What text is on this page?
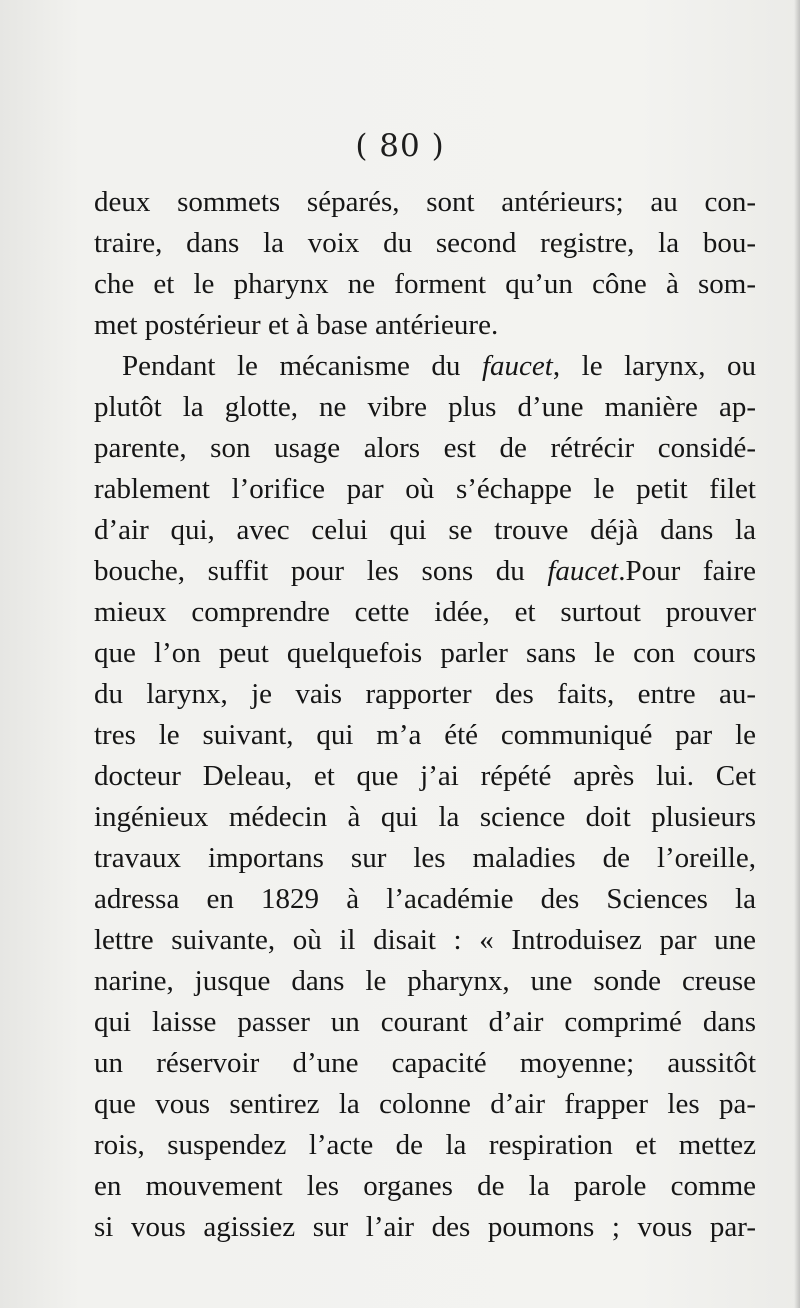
( 80 )
deux sommets séparés, sont antérieurs; au con-
traire, dans la voix du second registre, la bou-
che et le pharynx ne forment qu’un cône à som-
met postérieur et à base antérieure.
Pendant le mécanisme du faucet, le larynx, ou
plutôt la glotte, ne vibre plus d’une manière ap-
parente, son usage alors est de rétrécir considé-
rablement l’orifice par où s’échappe le petit filet
d’air qui, avec celui qui se trouve déjà dans la
bouche, suffit pour les sons du faucet.Pour faire
mieux comprendre cette idée, et surtout prouver
que l’on peut quelquefois parler sans le con cours
du larynx, je vais rapporter des faits, entre au-
tres le suivant, qui m’a été communiqué par le
docteur Deleau, et que j’ai répété après lui. Cet
ingénieux médecin à qui la science doit plusieurs
travaux importans sur les maladies de l’oreille,
adressa en 1829 à l’académie des Sciences la
lettre suivante, où il disait : « Introduisez par une
narine, jusque dans le pharynx, une sonde creuse
qui laisse passer un courant d’air comprimé dans
un réservoir d’une capacité moyenne; aussitôt
que vous sentirez la colonne d’air frapper les pa-
rois, suspendez l’acte de la respiration et mettez
en mouvement les organes de la parole comme
si vous agissiez sur l’air des poumons ; vous par-
